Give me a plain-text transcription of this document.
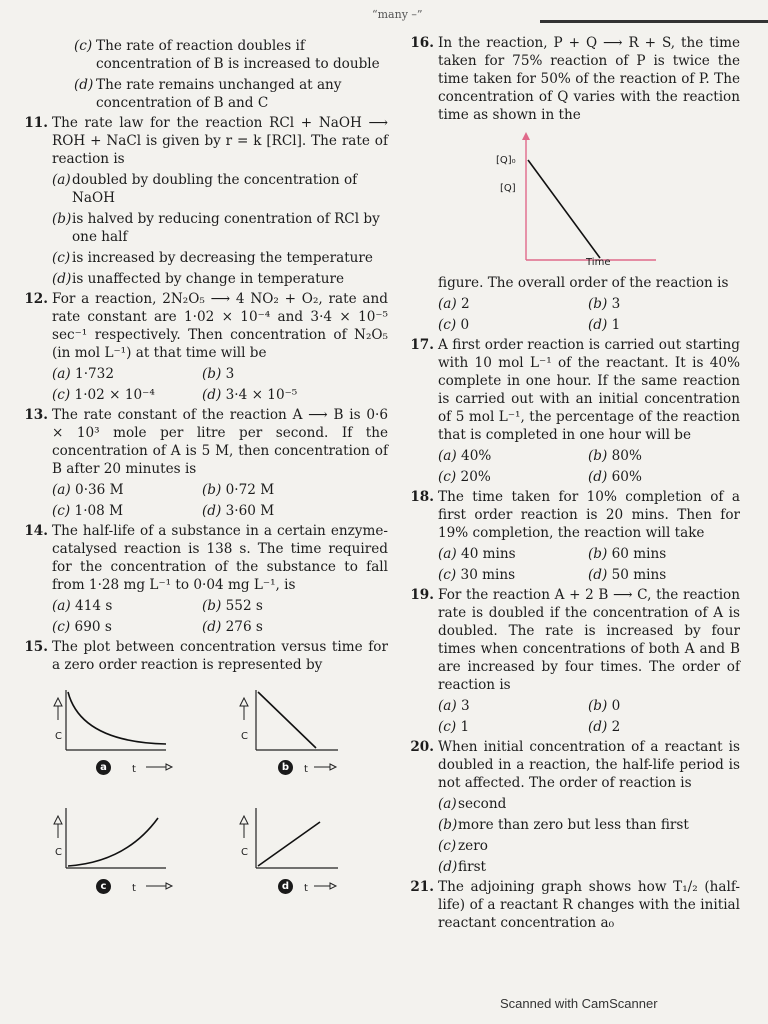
“many –”
(c) The rate of reaction doubles if concentration of B is increased to double
(d) The rate remains unchanged at any concentration of B and C
11. The rate law for the reaction RCl + NaOH ⟶ ROH + NaCl is given by r = k [RCl]. The rate of reaction is
(a) doubled by doubling the concentration of NaOH
(b) is halved by reducing conentration of RCl by one half
(c) is increased by decreasing the temperature
(d) is unaffected by change in temperature
12. For a reaction, 2N₂O₅ ⟶ 4 NO₂ + O₂, rate and rate constant are 1·02 × 10⁻⁴ and 3·4 × 10⁻⁵ sec⁻¹ respectively. Then concentration of N₂O₅ (in mol L⁻¹) at that time will be
(a) 1·732	(b) 3
(c) 1·02 × 10⁻⁴	(d) 3·4 × 10⁻⁵
13. The rate constant of the reaction A ⟶ B is 0·6 × 10³ mole per litre per second. If the concentration of A is 5 M, then concentration of B after 20 minutes is
(a) 0·36 M	(b) 0·72 M
(c) 1·08 M	(d) 3·60 M
14. The half-life of a substance in a certain enzyme-catalysed reaction is 138 s. The time required for the concentration of the substance to fall from 1·28 mg L⁻¹ to 0·04 mg L⁻¹, is
(a) 414 s	(b) 552 s
(c) 690 s	(d) 276 s
15. The plot between concentration versus time for a zero order reaction is represented by
C
a	t
C
b	t
C
c	t
C
d	t
16. In the reaction, P + Q ⟶ R + S, the time taken for 75% reaction of P is twice the time taken for 50% of the reaction of P. The concentration of Q varies with the reaction time as shown in the
[Q]₀
[Q]
Time
figure. The overall order of the reaction is
(a) 2	(b) 3
(c) 0	(d) 1
17. A first order reaction is carried out starting with 10 mol L⁻¹ of the reactant. It is 40% complete in one hour. If the same reaction is carried out with an initial concentration of 5 mol L⁻¹, the percentage of the reaction that is completed in one hour will be
(a) 40%	(b) 80%
(c) 20%	(d) 60%
18. The time taken for 10% completion of a first order reaction is 20 mins. Then for 19% completion, the reaction will take
(a) 40 mins	(b) 60 mins
(c) 30 mins	(d) 50 mins
19. For the reaction A + 2 B ⟶ C, the reaction rate is doubled if the concentration of A is doubled. The rate is increased by four times when concentrations of both A and B are increased by four times. The order of reaction is
(a) 3	(b) 0
(c) 1	(d) 2
20. When initial concentration of a reactant is doubled in a reaction, the half-life period is not affected. The order of reaction is
(a) second
(b) more than zero but less than first
(c) zero
(d) first
21. The adjoining graph shows how T₁/₂ (half-life) of a reactant R changes with the initial reactant concentration a₀
Scanned with CamScanner
